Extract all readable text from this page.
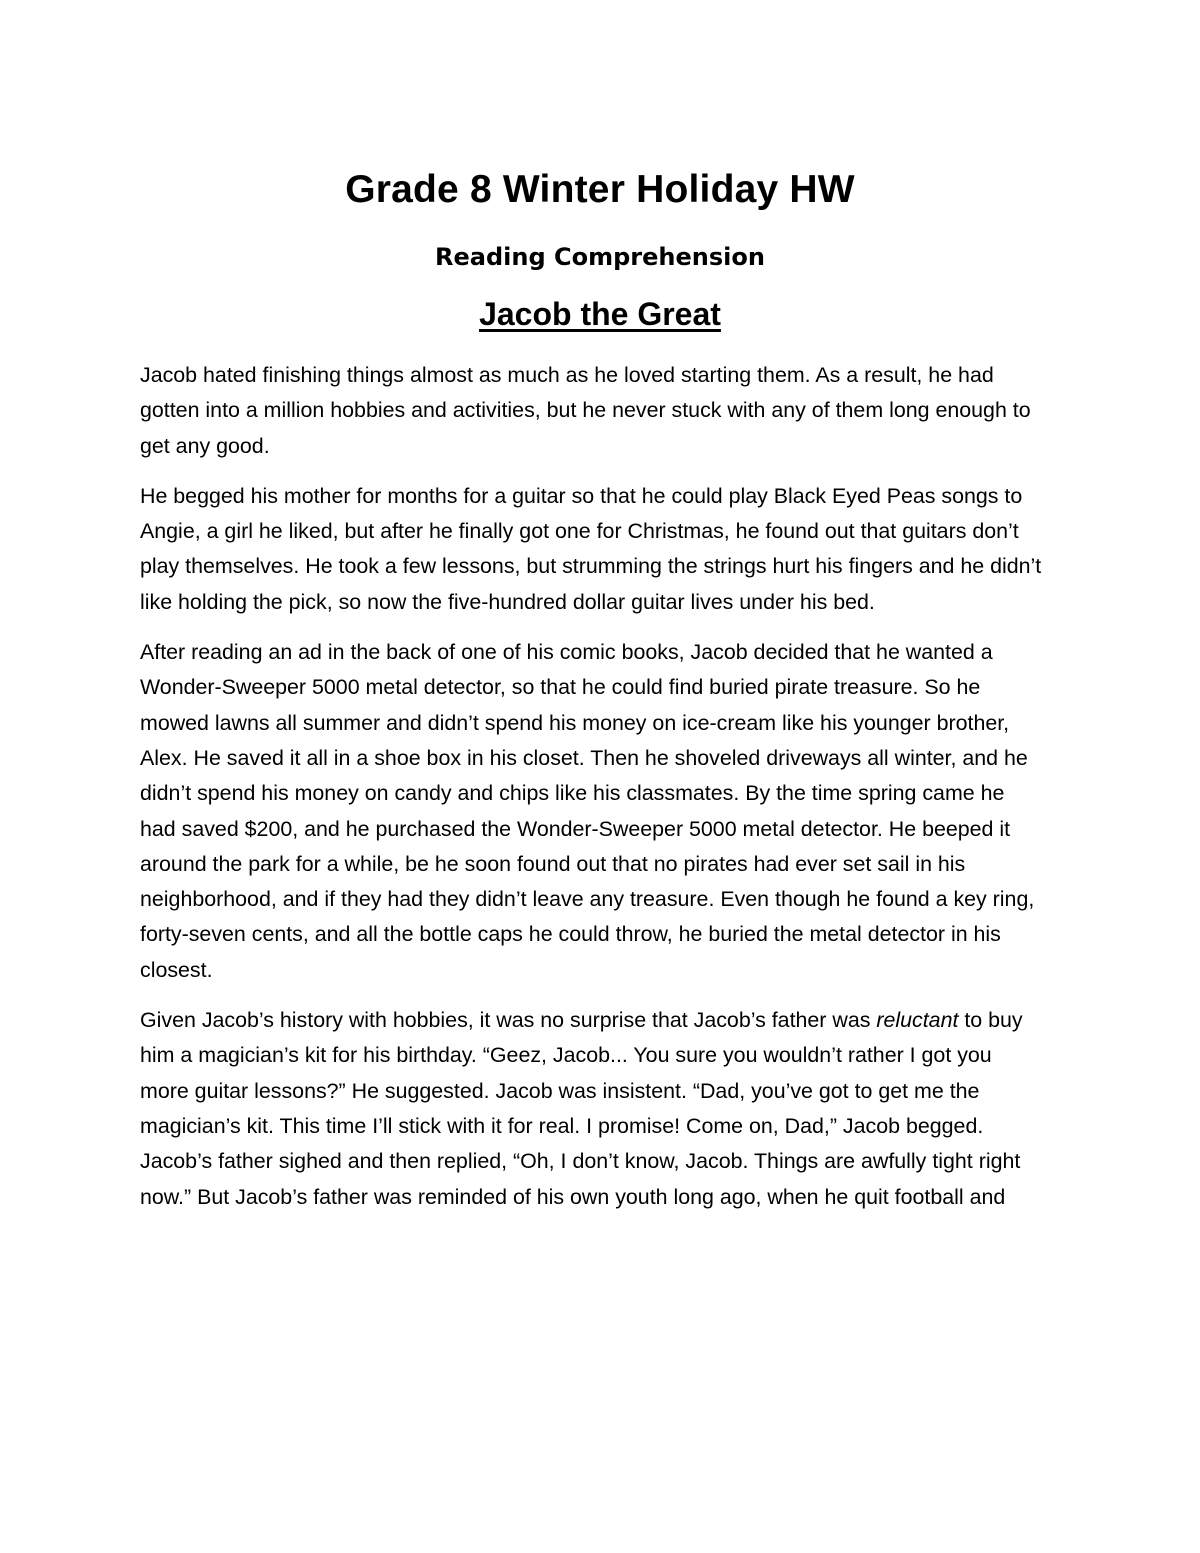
Grade 8 Winter Holiday HW
Reading Comprehension
Jacob the Great

Jacob hated finishing things almost as much as he loved starting them. As a result, he had
gotten into a million hobbies and activities, but he never stuck with any of them long enough to
get any good.

He begged his mother for months for a guitar so that he could play Black Eyed Peas songs to
Angie, a girl he liked, but after he finally got one for Christmas, he found out that guitars don’t
play themselves. He took a few lessons, but strumming the strings hurt his fingers and he didn’t
like holding the pick, so now the five-hundred dollar guitar lives under his bed.

After reading an ad in the back of one of his comic books, Jacob decided that he wanted a
Wonder-Sweeper 5000 metal detector, so that he could find buried pirate treasure. So he
mowed lawns all summer and didn’t spend his money on ice-cream like his younger brother,
Alex. He saved it all in a shoe box in his closet. Then he shoveled driveways all winter, and he
didn’t spend his money on candy and chips like his classmates. By the time spring came he
had saved $200, and he purchased the Wonder-Sweeper 5000 metal detector. He beeped it
around the park for a while, be he soon found out that no pirates had ever set sail in his
neighborhood, and if they had they didn’t leave any treasure. Even though he found a key ring,
forty-seven cents, and all the bottle caps he could throw, he buried the metal detector in his
closest.

Given Jacob’s history with hobbies, it was no surprise that Jacob’s father was reluctant to buy
him a magician’s kit for his birthday. “Geez, Jacob... You sure you wouldn’t rather I got you
more guitar lessons?” He suggested. Jacob was insistent. “Dad, you’ve got to get me the
magician’s kit. This time I’ll stick with it for real. I promise! Come on, Dad,” Jacob begged.
Jacob’s father sighed and then replied, “Oh, I don’t know, Jacob. Things are awfully tight right
now.” But Jacob’s father was reminded of his own youth long ago, when he quit football and
